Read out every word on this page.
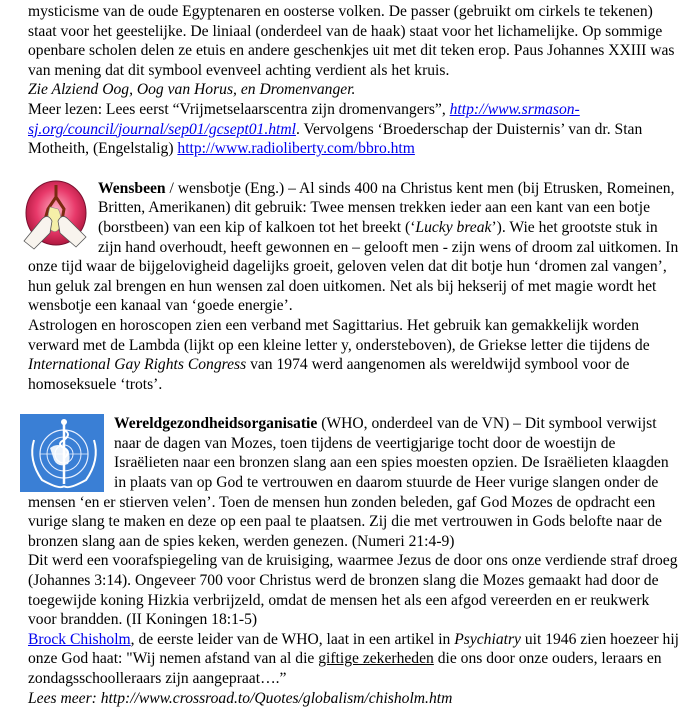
mysticisme van de oude Egyptenaren en oosterse volken. De passer (gebruikt om cirkels te tekenen) staat voor het geestelijke. De liniaal (onderdeel van de haak) staat voor het lichamelijke. Op sommige openbare scholen delen ze etuis en andere geschenkjes uit met dit teken erop. Paus Johannes XXIII was van mening dat dit symbool evenveel achting verdient als het kruis.

Zie Alziend Oog, Oog van Horus, en Dromenvanger.

Meer lezen: Lees eerst “Vrijmetselaarscentra zijn dromenvangers”, http://www.srmason-sj.org/council/journal/sep01/gcsept01.html. Vervolgens ‘Broederschap der Duisternis’ van dr. Stan Motheith, (Engelstalig) http://www.radioliberty.com/bbro.htm

Wensbeen / wensbotje (Eng.) – Al sinds 400 na Christus kent men (bij Etrusken, Romeinen, Britten, Amerikanen) dit gebruik: Twee mensen trekken ieder aan een kant van een botje (borstbeen) van een kip of kalkoen tot het breekt (‘Lucky break’). Wie het grootste stuk in zijn hand overhoudt, heeft gewonnen en – gelooft men - zijn wens of droom zal uitkomen. In onze tijd waar de bijgelovigheid dagelijks groeit, geloven velen dat dit botje hun ‘dromen zal vangen’, hun geluk zal brengen en hun wensen zal doen uitkomen. Net als bij hekserij of met magie wordt het wensbotje een kanaal van ‘goede energie’.

Astrologen en horoscopen zien een verband met Sagittarius. Het gebruik kan gemakkelijk worden verward met de Lambda (lijkt op een kleine letter y, ondersteboven), de Griekse letter die tijdens de International Gay Rights Congress van 1974 werd aangenomen als wereldwijd symbool voor de homoseksuele ‘trots’.

Wereldgezondheidsorganisatie (WHO, onderdeel van de VN) – Dit symbool verwijst naar de dagen van Mozes, toen tijdens de veertigjarige tocht door de woestijn de Israëlieten naar een bronzen slang aan een spies moesten opzien. De Israëlieten klaagden in plaats van op God te vertrouwen en daarom stuurde de Heer vurige slangen onder de mensen ‘en er stierven velen’. Toen de mensen hun zonden beleden, gaf God Mozes de opdracht een vurige slang te maken en deze op een paal te plaatsen. Zij die met vertrouwen in Gods belofte naar de bronzen slang aan de spies keken, werden genezen. (Numeri 21:4-9)

Dit werd een voorafspiegeling van de kruisiging, waarmee Jezus de door ons onze verdiende straf droeg (Johannes 3:14). Ongeveer 700 voor Christus werd de bronzen slang die Mozes gemaakt had door de toegewijde koning Hizkia verbrijzeld, omdat de mensen het als een afgod vereerden en er reukwerk voor brandden. (II Koningen 18:1-5)

Brock Chisholm, de eerste leider van de WHO, laat in een artikel in Psychiatry uit 1946 zien hoezeer hij onze God haat: "Wij nemen afstand van al die giftige zekerheden die ons door onze ouders, leraars en zondagsschoolleraars zijn aangepraat….”

Lees meer: http://www.crossroad.to/Quotes/globalism/chisholm.htm
